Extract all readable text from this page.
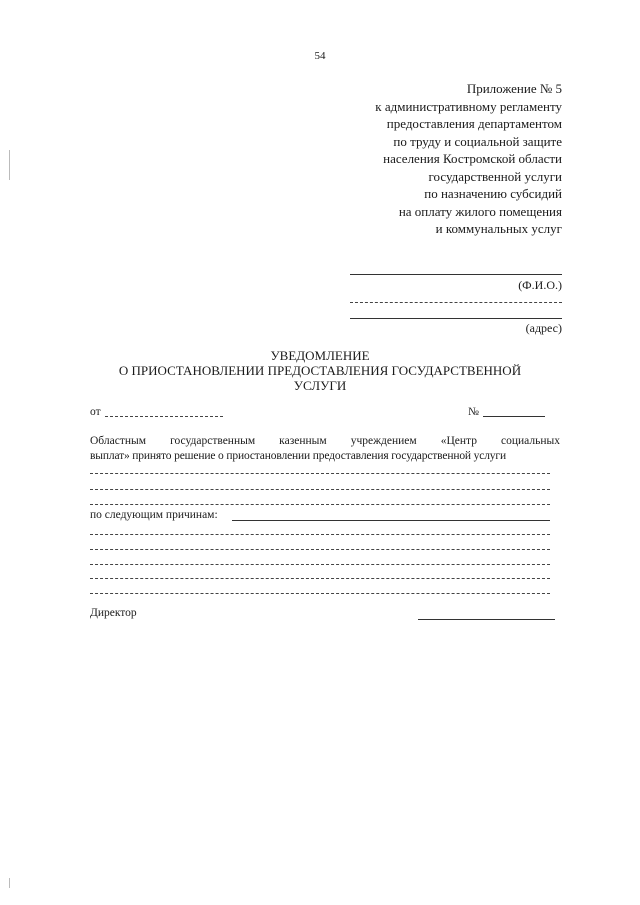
54
Приложение № 5
к административному регламенту
предоставления департаментом
по труду и социальной защите
населения Костромской области
государственной услуги
по назначению субсидий
на оплату жилого помещения
и коммунальных услуг
(Ф.И.О.)
(адрес)
УВЕДОМЛЕНИЕ
О ПРИОСТАНОВЛЕНИИ ПРЕДОСТАВЛЕНИЯ ГОСУДАРСТВЕННОЙ
УСЛУГИ
от	№
Областным государственным казенным учреждением «Центр социальных
выплат» принято решение о приостановлении предоставления государственной услуги
по следующим причинам:
Директор
